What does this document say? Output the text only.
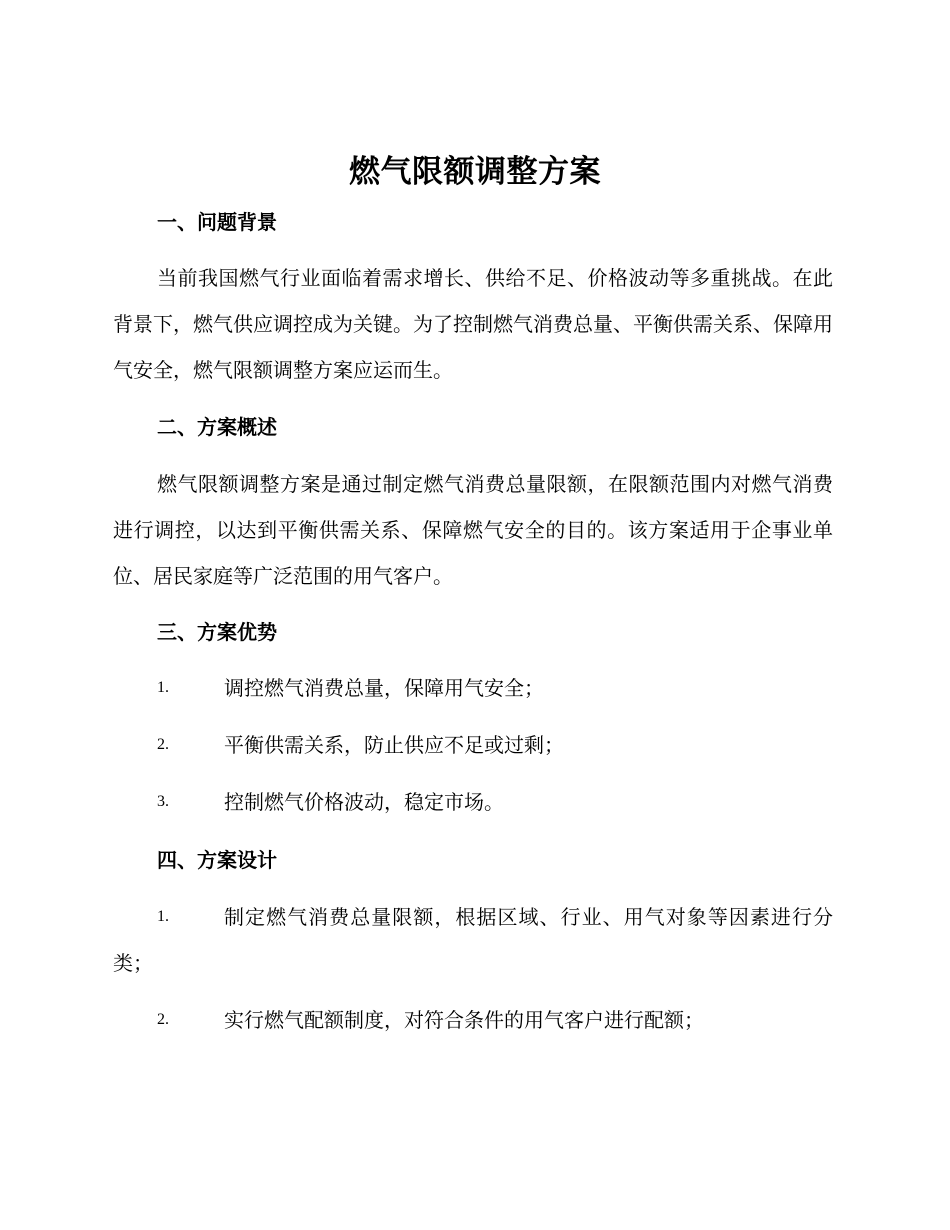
燃气限额调整方案
一、问题背景
当前我国燃气行业面临着需求增长、供给不足、价格波动等多重挑战。在此背景下，燃气供应调控成为关键。为了控制燃气消费总量、平衡供需关系、保障用气安全，燃气限额调整方案应运而生。
二、方案概述
燃气限额调整方案是通过制定燃气消费总量限额，在限额范围内对燃气消费进行调控，以达到平衡供需关系、保障燃气安全的目的。该方案适用于企事业单位、居民家庭等广泛范围的用气客户。
三、方案优势
1.	调控燃气消费总量，保障用气安全；
2.	平衡供需关系，防止供应不足或过剩；
3.	控制燃气价格波动，稳定市场。
四、方案设计
1.	制定燃气消费总量限额，根据区域、行业、用气对象等因素进行分类；
2.	实行燃气配额制度，对符合条件的用气客户进行配额；
